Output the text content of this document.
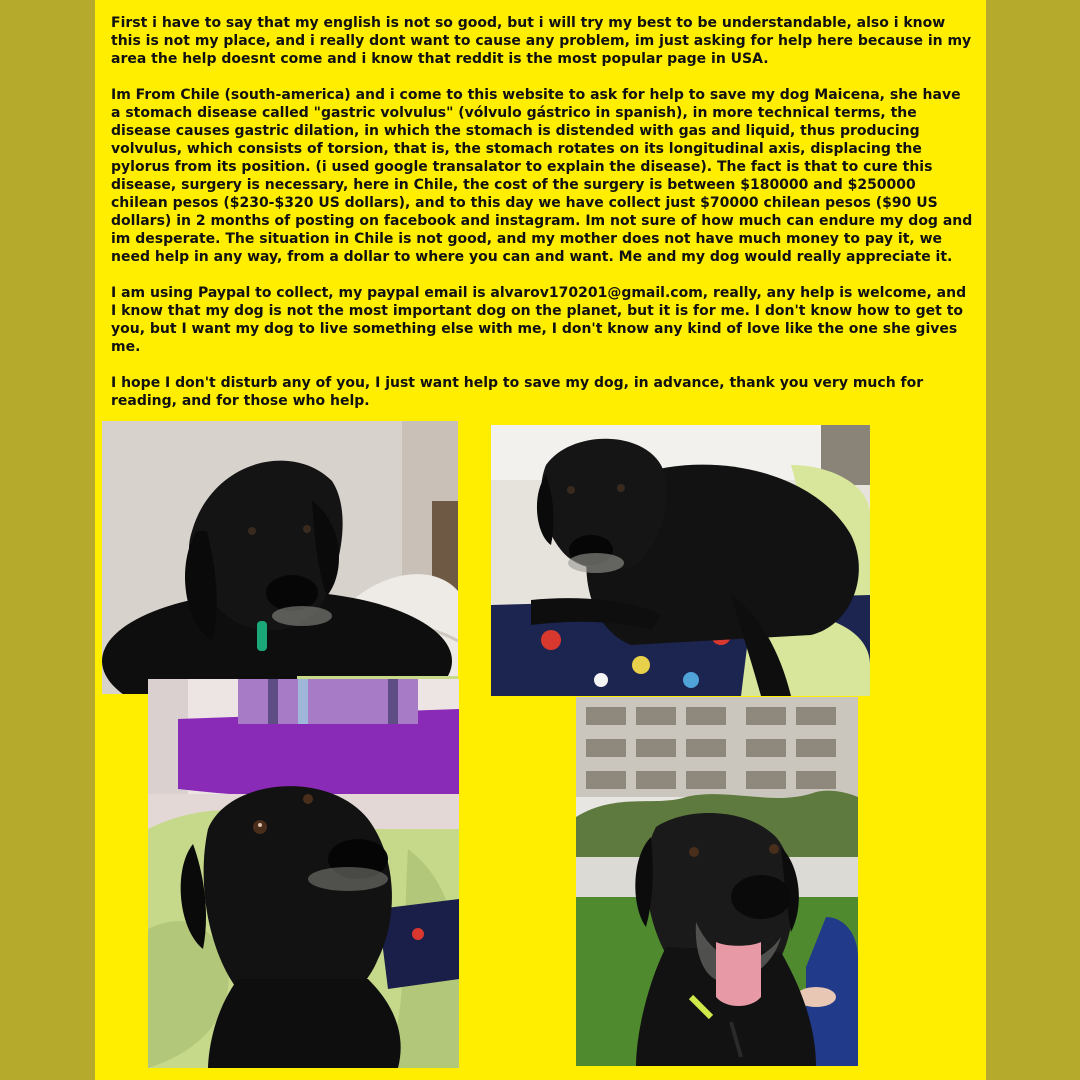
First i have to say that my english is not so good, but i will try my best to be understandable, also i know this is not my place, and i really dont want to cause any problem, im just asking for help here because in my area the help doesnt come and i know that reddit is the most popular page in USA.

Im From Chile (south-america) and i come to this website to ask for help to save my dog Maicena, she have a stomach disease called "gastric volvulus" (vólvulo gástrico in spanish), in more technical terms, the disease causes gastric dilation, in which the stomach is distended with gas and liquid, thus producing volvulus, which consists of torsion, that is, the stomach rotates on its longitudinal axis, displacing the pylorus from its position. (i used google transalator to explain the disease). The fact is that to cure this disease, surgery is necessary, here in Chile, the cost of the surgery is between $180000 and $250000 chilean pesos ($230-$320 US dollars), and to this day we have collect just $70000 chilean pesos ($90 US dollars) in 2 months of posting on facebook and instagram. Im not sure of how much can endure my dog and im desperate. The situation in Chile is not good, and my mother does not have much money to pay it, we need help in any way, from a dollar to where you can and want. Me and my dog would really appreciate it.

I am using Paypal to collect, my paypal email is alvarov170201@gmail.com, really, any help is welcome, and I know that my dog is not the most important dog on the planet, but it is for me. I don't know how to get to you, but I want my dog to live something else with me, I don't know any kind of love like the one she gives me.

I hope I don't disturb any of you, I just want help to save my dog, in advance, thank you very much for reading, and for those who help.
